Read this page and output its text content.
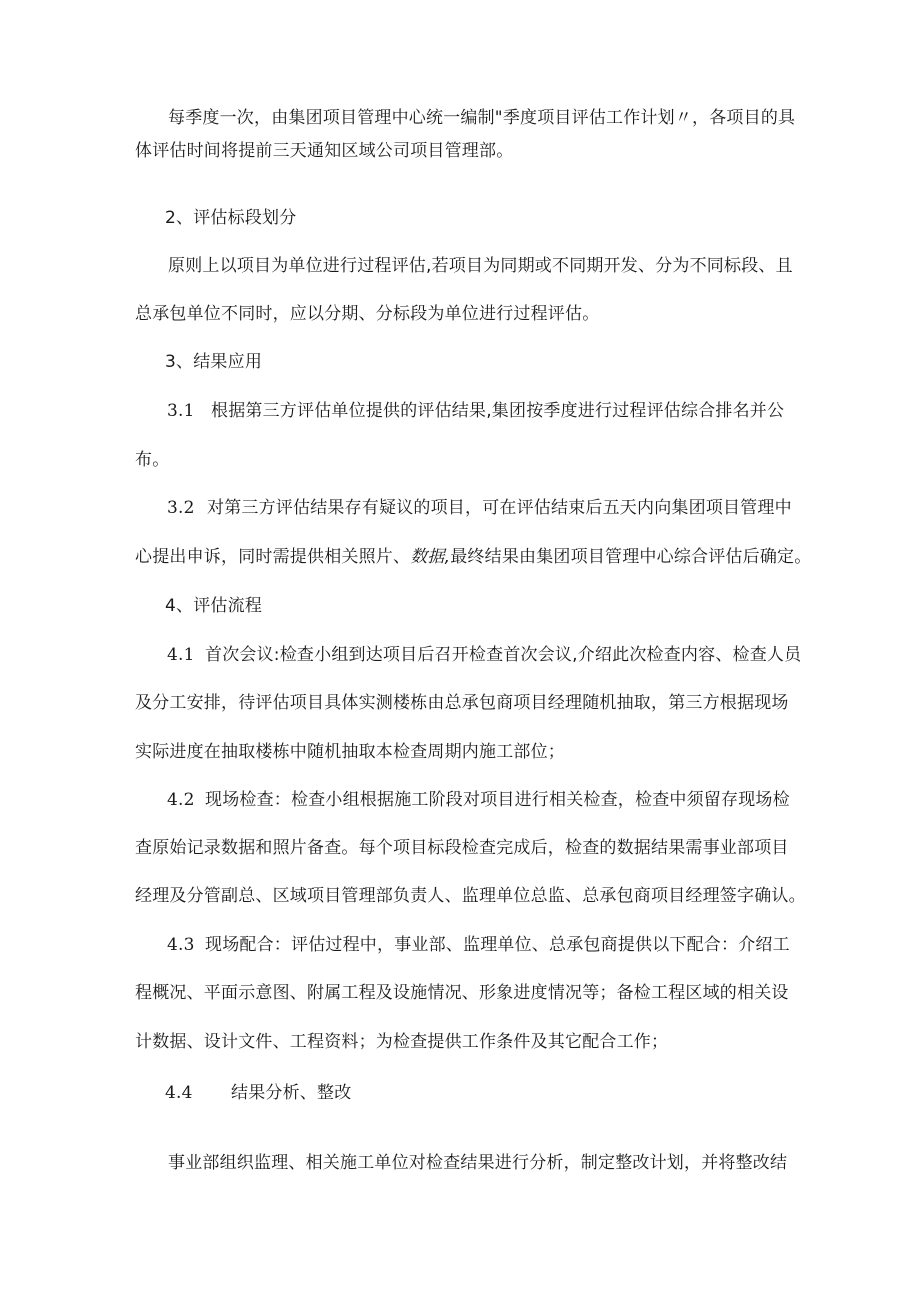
每季度一次，由集团项目管理中心统一编制"季度项目评估工作计划〃，各项目的具
体评估时间将提前三天通知区域公司项目管理部。
2、评估标段划分
原则上以项目为单位进行过程评估,若项目为同期或不同期开发、分为不同标段、且
总承包单位不同时，应以分期、分标段为单位进行过程评估。
3、结果应用
3.1 根据第三方评估单位提供的评估结果,集团按季度进行过程评估综合排名并公
布。
3.2 对第三方评估结果存有疑议的项目，可在评估结束后五天内向集团项目管理中
心提出申诉，同时需提供相关照片、数据,最终结果由集团项目管理中心综合评估后确定。
4、评估流程
4.1 首次会议:检查小组到达项目后召开检查首次会议,介绍此次检查内容、检查人员
及分工安排，待评估项目具体实测楼栋由总承包商项目经理随机抽取，第三方根据现场
实际进度在抽取楼栋中随机抽取本检查周期内施工部位；
4.2 现场检查：检查小组根据施工阶段对项目进行相关检查，检查中须留存现场检
查原始记录数据和照片备查。每个项目标段检查完成后，检查的数据结果需事业部项目
经理及分管副总、区域项目管理部负责人、监理单位总监、总承包商项目经理签字确认。
4.3 现场配合：评估过程中，事业部、监理单位、总承包商提供以下配合：介绍工
程概况、平面示意图、附属工程及设施情况、形象进度情况等；备检工程区域的相关设
计数据、设计文件、工程资料；为检查提供工作条件及其它配合工作；
4.4 结果分析、整改
事业部组织监理、相关施工单位对检查结果进行分析，制定整改计划，并将整改结
